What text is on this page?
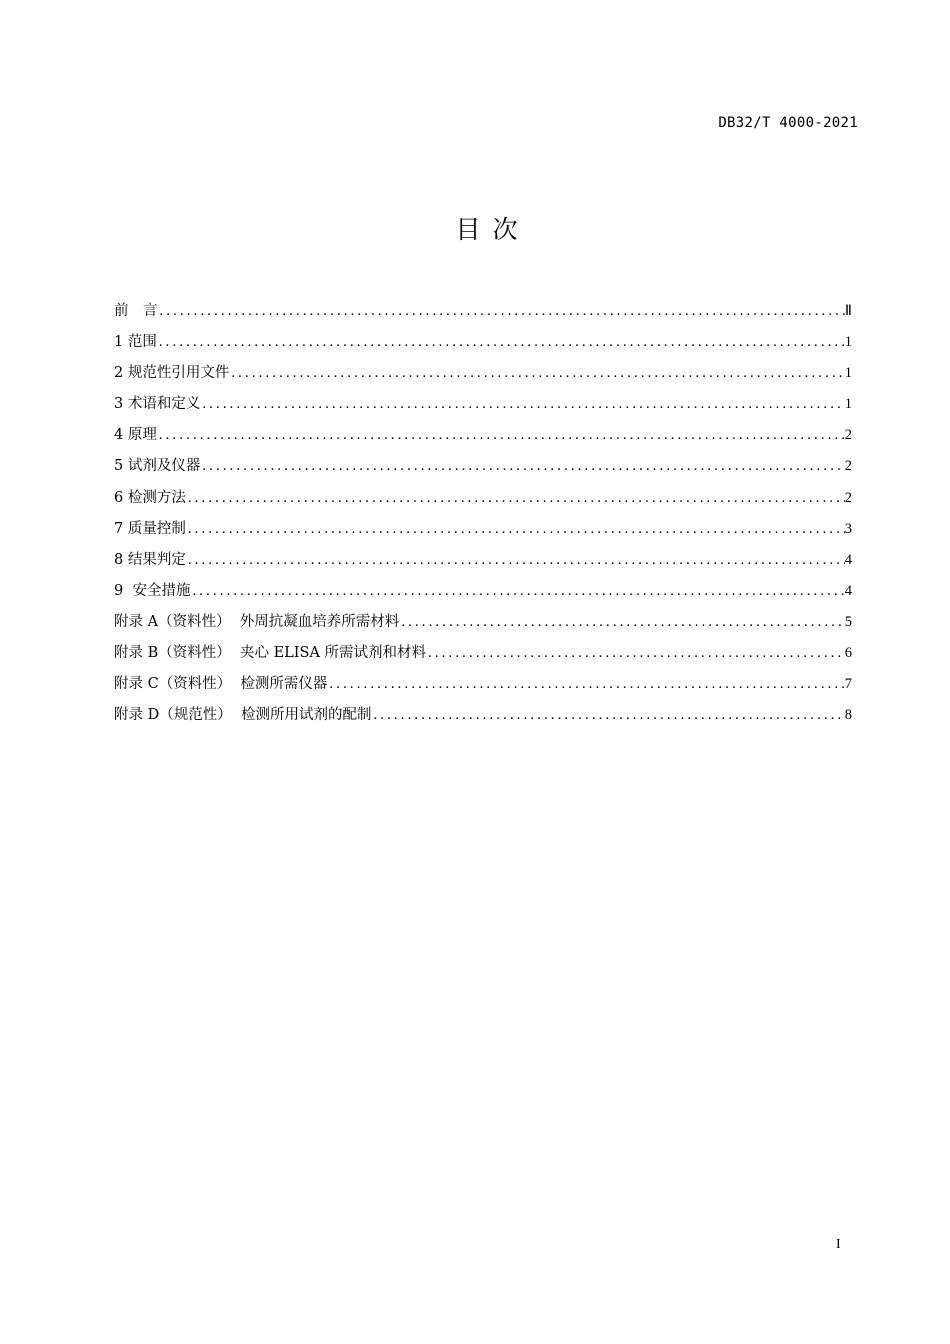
DB32/T 4000-2021
目 次
前　言 .....	Ⅱ
1 范围 .....	1
2 规范性引用文件 .....	1
3 术语和定义 .....	1
4 原理 .....	2
5 试剂及仪器 .....	2
6 检测方法 .....	2
7 质量控制 .....	3
8 结果判定 .....	4
9  安全措施 .....	4
附录 A（资料性）  外周抗凝血培养所需材料 .....	5
附录 B（资料性）  夹心 ELISA 所需试剂和材料 .....	6
附录 C（资料性）  检测所需仪器 .....	7
附录 D（规范性）  检测所用试剂的配制 .....	8
I
